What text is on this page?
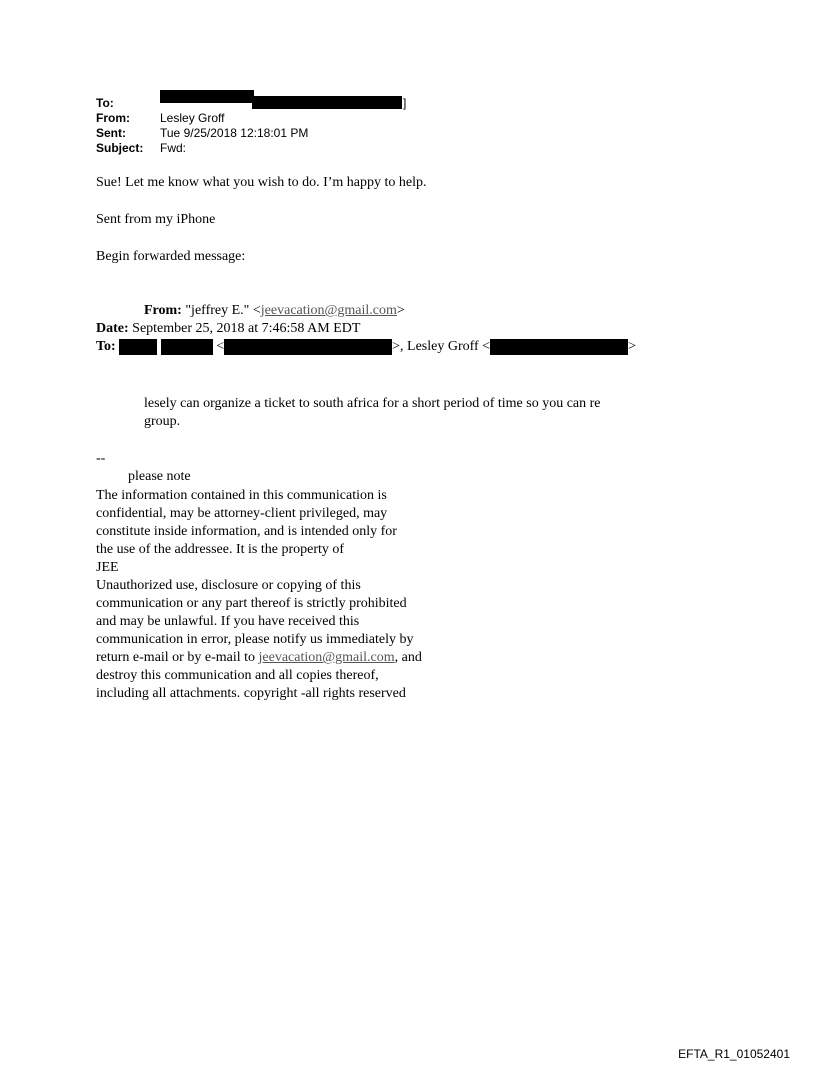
To:	]
From:	Lesley Groff
Sent:	Tue 9/25/2018 12:18:01 PM
Subject:	Fwd:
Sue! Let me know what you wish to do. I’m happy to help.
Sent from my iPhone
Begin forwarded message:
From: "jeffrey E." <jeevacation@gmail.com>
Date: September 25, 2018 at 7:46:58 AM EDT
To:	<	>, Lesley Groff <	>
lesely can organize a ticket to south africa for a short period of time so you can re
group.
--
please note
The information contained in this communication is
confidential, may be attorney-client privileged, may
constitute inside information, and is intended only for
the use of the addressee. It is the property of
JEE
Unauthorized use, disclosure or copying of this
communication or any part thereof is strictly prohibited
and may be unlawful. If you have received this
communication in error, please notify us immediately by
return e-mail or by e-mail to jeevacation@gmail.com, and
destroy this communication and all copies thereof,
including all attachments. copyright -all rights reserved
EFTA_R1_01052401
